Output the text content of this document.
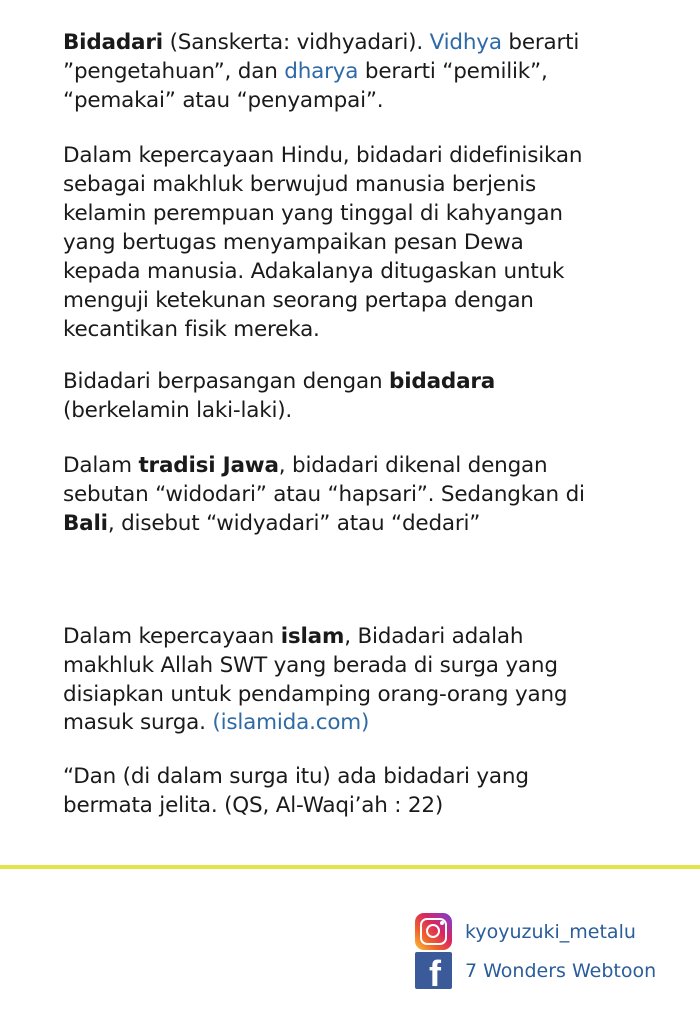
Bidadari (Sanskerta: vidhyadari). Vidhya berarti
”pengetahuan”, dan dharya berarti “pemilik”,
“pemakai” atau “penyampai”.
Dalam kepercayaan Hindu, bidadari didefinisikan
sebagai makhluk berwujud manusia berjenis
kelamin perempuan yang tinggal di kahyangan
yang bertugas menyampaikan pesan Dewa
kepada manusia. Adakalanya ditugaskan untuk
menguji ketekunan seorang pertapa dengan
kecantikan fisik mereka.
Bidadari berpasangan dengan bidadara
(berkelamin laki-laki).
Dalam tradisi Jawa, bidadari dikenal dengan
sebutan “widodari” atau “hapsari”. Sedangkan di
Bali, disebut “widyadari” atau “dedari”
Dalam kepercayaan islam, Bidadari adalah
makhluk Allah SWT yang berada di surga yang
disiapkan untuk pendamping orang-orang yang
masuk surga. (islamida.com)
“Dan (di dalam surga itu) ada bidadari yang
bermata jelita. (QS, Al-Waqi’ah : 22)
kyoyuzuki_metalu
f 7 Wonders Webtoon
